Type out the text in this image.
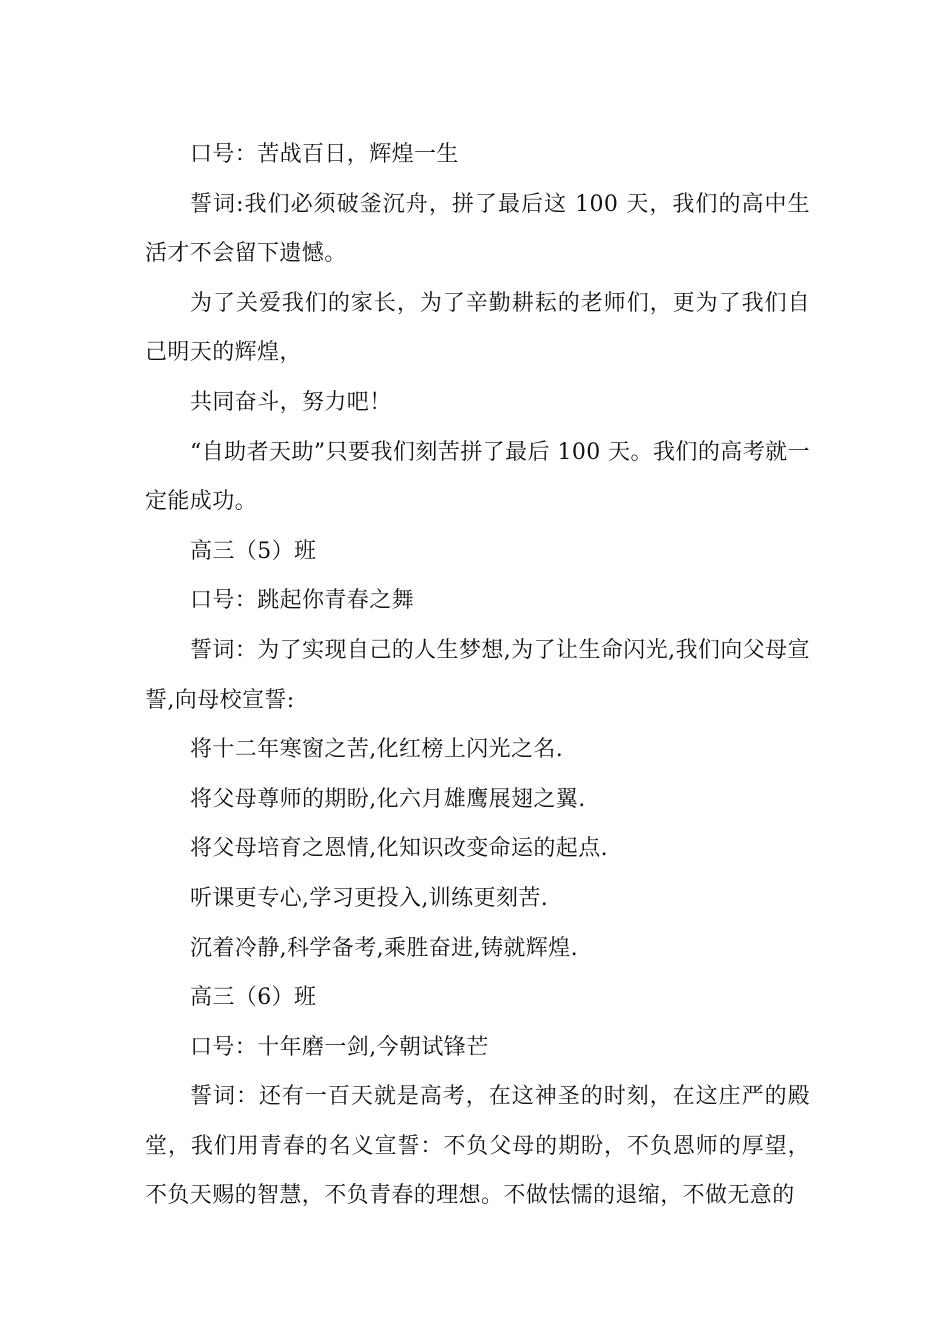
口号：苦战百日，辉煌一生

誓词:我们必须破釜沉舟，拼了最后这 100 天，我们的高中生活才不会留下遗憾。

为了关爱我们的家长，为了辛勤耕耘的老师们，更为了我们自己明天的辉煌，

共同奋斗，努力吧！

“自助者天助”只要我们刻苦拼了最后 100 天。我们的高考就一定能成功。

高三（5）班

口号：跳起你青春之舞

誓词：为了实现自己的人生梦想,为了让生命闪光,我们向父母宣誓,向母校宣誓:

将十二年寒窗之苦,化红榜上闪光之名.

将父母尊师的期盼,化六月雄鹰展翅之翼.

将父母培育之恩情,化知识改变命运的起点.

听课更专心,学习更投入,训练更刻苦.

沉着冷静,科学备考,乘胜奋进,铸就辉煌.

高三（6）班

口号：十年磨一剑,今朝试锋芒

誓词：还有一百天就是高考，在这神圣的时刻，在这庄严的殿堂，我们用青春的名义宣誓：不负父母的期盼，不负恩师的厚望，不负天赐的智慧，不负青春的理想。不做怯懦的退缩，不做无意的
